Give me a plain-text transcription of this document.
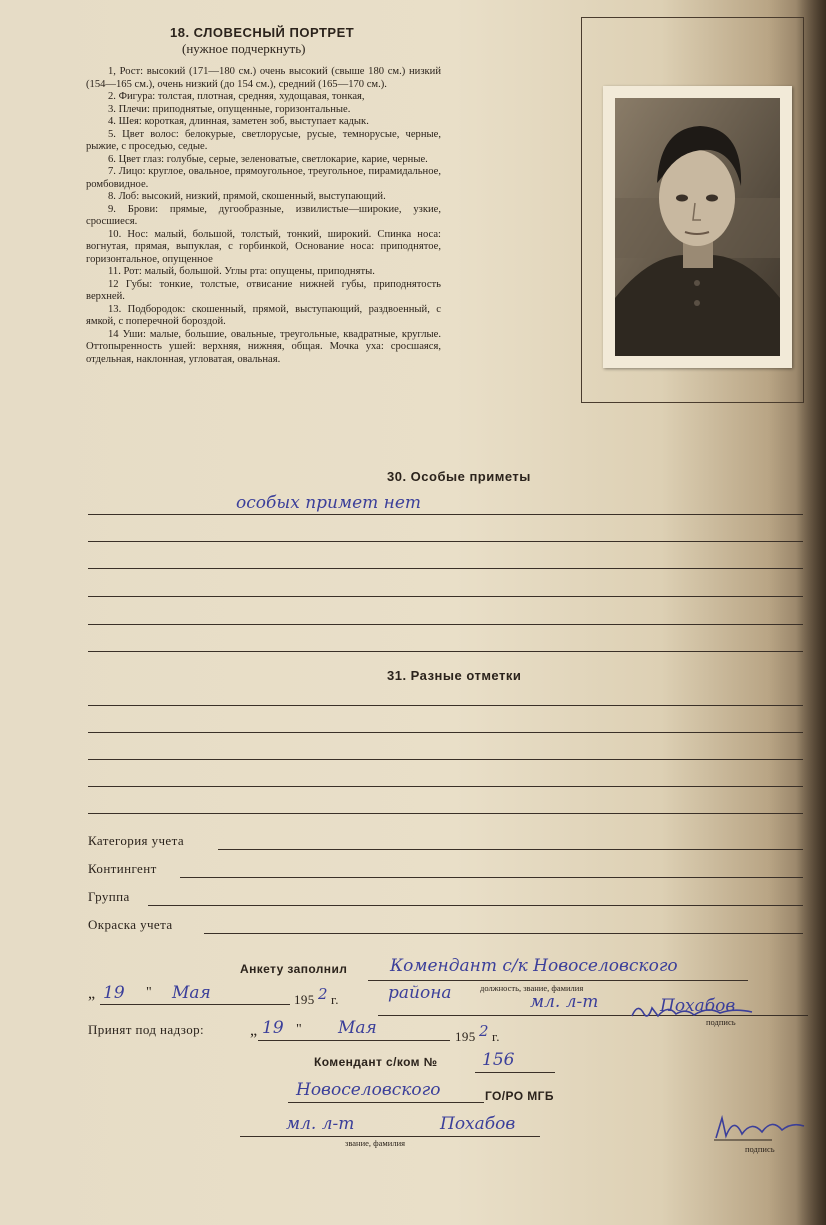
18. СЛОВЕСНЫЙ ПОРТРЕТ
(нужное подчеркнуть)

1, Рост: высокий (171—180 см.) очень высокий (свыше 180 см.) низкий (154—165 см.), очень низкий (до 154 см.), средний (165—170 см.).

2. Фигура: толстая, плотная, средняя, худощавая, тонкая,

3. Плечи: приподнятые, опущенные, горизонтальные.

4. Шея: короткая, длинная, заметен зоб, выступает кадык.

5. Цвет волос: белокурые, светлорусые, русые, темнорусые, черные, рыжие, с проседью, седые.

6. Цвет глаз: голубые, серые, зеленоватые, светлокарие, карие, черные.

7. Лицо: круглое, овальное, прямоугольное, треугольное, пирамидальное, ромбовидное.

8. Лоб: высокий, низкий, прямой, скошенный, выступающий.

9. Брови: прямые, дугообразные, извилистые—широкие, узкие, сросшиеся.

10. Нос: малый, большой, толстый, тонкий, широкий. Спинка носа: вогнутая, прямая, выпуклая, с горбинкой, Основание носа: приподнятое, горизонтальное, опущенное

11. Рот: малый, большой. Углы рта: опущены, приподняты.

12 Губы: тонкие, толстые, отвисание нижней губы, приподнятость верхней.

13. Подбородок: скошенный, прямой, выступающий, раздвоенный, с ямкой, с поперечной бороздой.

14 Уши: малые, большие, овальные, треугольные, квадратные, круглые. Оттопыренность ушей: верхняя, нижняя, общая. Мочка уха: сросшаяся, отдельная, наклонная, угловатая, овальная.

30. Особые приметы
особых примет нет
31. Разные отметки
Категория учета
Контингент
Группа
Окраска учета
Анкету заполнил	Комендант с/к Новоселовского
„ 19 " Мая	195 2 г.	района	должность, звание, фамилия
мл. л-т	Похабов
подпись
Принят под надзор:	„ 19 " Мая	195 2 г.
Комендант с/ком №	156
Новоселовского	ГО/РО МГБ
мл. л-т	Похабов
звание, фамилия
подпись
